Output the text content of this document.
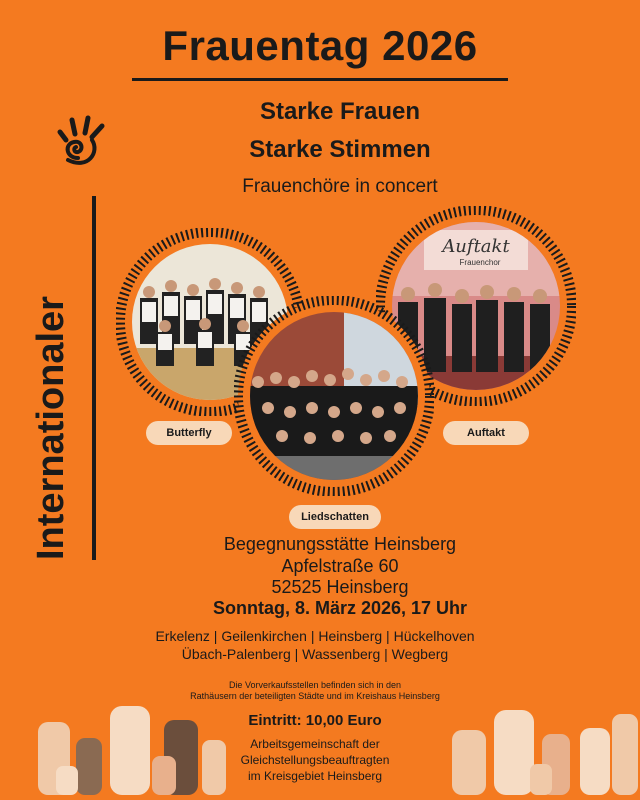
Frauentag 2026
Starke Frauen
Starke Stimmen
Frauenchöre in concert
Internationaler
Auftakt
Frauenchor
Butterfly
Liedschatten
Auftakt
Begegnungsstätte Heinsberg
Apfelstraße 60
52525 Heinsberg
Sonntag, 8. März 2026, 17 Uhr
Erkelenz | Geilenkirchen | Heinsberg | Hückelhoven
Übach-Palenberg | Wassenberg | Wegberg
Die Vorverkaufsstellen befinden sich in den
Rathäusern der beteiligten Städte und im Kreishaus Heinsberg
Eintritt: 10,00 Euro
Arbeitsgemeinschaft der
Gleichstellungsbeauftragten
im Kreisgebiet Heinsberg
